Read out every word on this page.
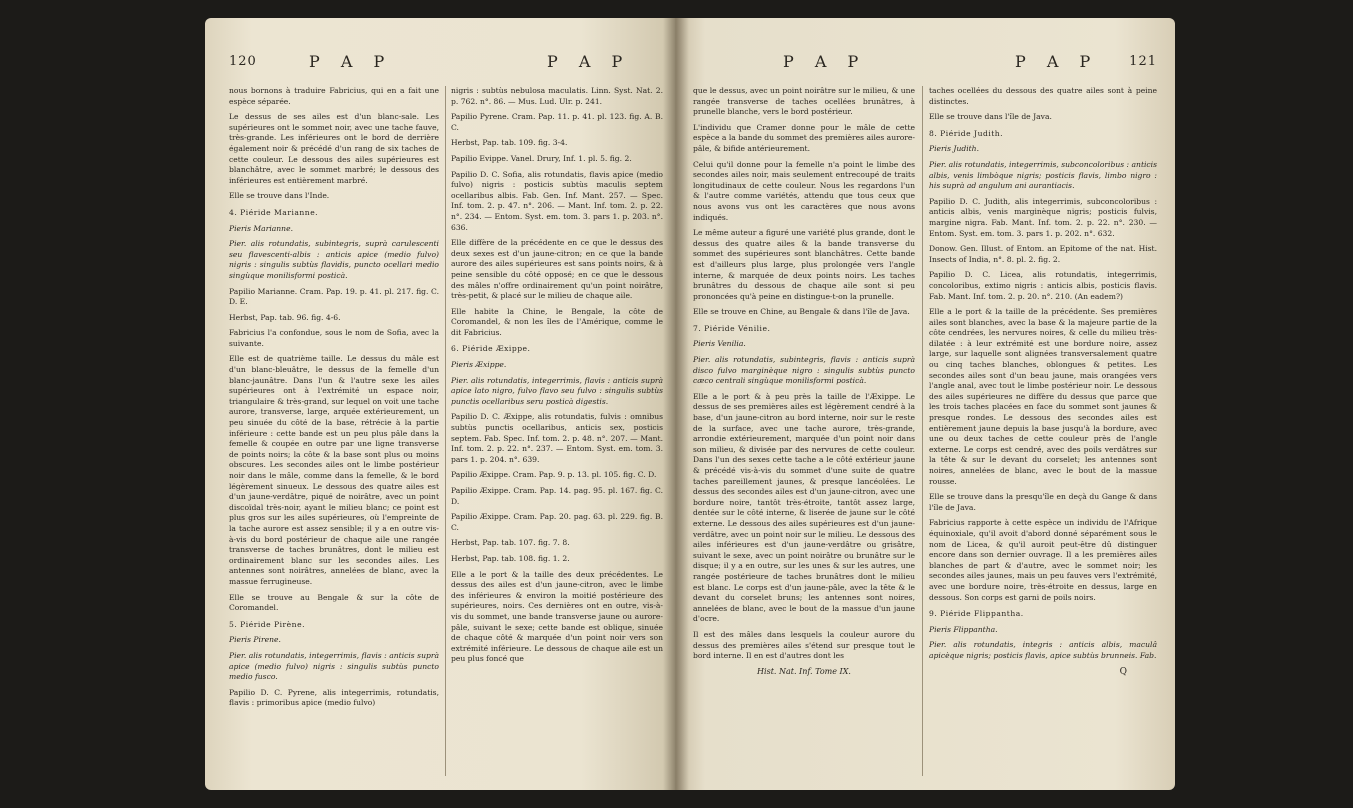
120	P A P	P A P

nous bornons à traduire Fabricius, qui en a fait une espèce séparée.

Le dessus de ses ailes est d'un blanc-sale. Les supérieures ont le sommet noir, avec une tache fauve, très-grande. Les inférieures ont le bord de derrière également noir & précédé d'un rang de six taches de cette couleur. Le dessous des ailes supérieures est blanchâtre, avec le sommet marbré; le dessous des inférieures est entièrement marbré.

Elle se trouve dans l'Inde.

4. Piéride Marianne.

Pieris Marianne.

Pier. alis rotundatis, subintegris, suprà carulescenti seu flavescenti-albis : anticis apice (medio fulvo) nigris : singulis subtùs flavidis, puncto ocellari medio singùque monilisformi posticà.

Papilio Marianne. Cram. Pap. 19. p. 41. pl. 217. fig. C. D. E.

Herbst, Pap. tab. 96. fig. 4-6.

Fabricius l'a confondue, sous le nom de Sofia, avec la suivante.

Elle est de quatrième taille. Le dessus du mâle est d'un blanc-bleuâtre, le dessus de la femelle d'un blanc-jaunâtre. Dans l'un & l'autre sexe les ailes supérieures ont à l'extrémité un espace noir, triangulaire & très-grand, sur lequel on voit une tache aurore, transverse, large, arquée extérieurement, un peu sinuée du côté de la base, rétrécie à la partie inférieure : cette bande est un peu plus pâle dans la femelle & coupée en outre par une ligne transverse de points noirs; la côte & la base sont plus ou moins obscures. Les secondes ailes ont le limbe postérieur noir dans le mâle, comme dans la femelle, & le bord légèrement sinueux. Le dessous des quatre ailes est d'un jaune-verdâtre, piqué de noirâtre, avec un point discoïdal très-noir, ayant le milieu blanc; ce point est plus gros sur les ailes supérieures, où l'empreinte de la tache aurore est assez sensible; il y a en outre vis-à-vis du bord postérieur de chaque aile une rangée transverse de taches brunâtres, dont le milieu est ordinairement blanc sur les secondes ailes. Les antennes sont noirâtres, annelées de blanc, avec la massue ferrugineuse.

Elle se trouve au Bengale & sur la côte de Coromandel.

5. Piéride Pirène.

Pieris Pirene.

Pier. alis rotundatis, integerrimis, flavis : anticis suprà apice (medio fulvo) nigris : singulis subtùs puncto medio fusco.

Papilio D. C. Pyrene, alis integerrimis, rotundatis, flavis : primoribus apice (medio fulvo)

nigris : subtùs nebulosa maculatis. Linn. Syst. Nat. 2. p. 762. n°. 86. — Mus. Lud. Ulr. p. 241.

Papilio Pyrene. Cram. Pap. 11. p. 41. pl. 123. fig. A. B. C.

Herbst, Pap. tab. 109. fig. 3-4.

Papilio Evippe. Vanel. Drury, Inf. 1. pl. 5. fig. 2.

Papilio D. C. Sofia, alis rotundatis, flavis apice (medio fulvo) nigris : posticis subtùs maculis septem ocellaribus albis. Fab. Gen. Inf. Mant. 257. — Spec. Inf. tom. 2. p. 47. n°. 206. — Mant. Inf. tom. 2. p. 22. n°. 234. — Entom. Syst. em. tom. 3. pars 1. p. 203. n°. 636.

Elle diffère de la précédente en ce que le dessus des deux sexes est d'un jaune-citron; en ce que la bande aurore des ailes supérieures est sans points noirs, & à peine sensible du côté opposé; en ce que le dessous des mâles n'offre ordinairement qu'un point noirâtre, très-petit, & placé sur le milieu de chaque aile.

Elle habite la Chine, le Bengale, la côte de Coromandel, & non les îles de l'Amérique, comme le dit Fabricius.

6. Piéride Æxippe.

Pieris Æxippe.

Pier. alis rotundatis, integerrimis, flavis : anticis suprà apice lato nigro, fulvo flavo seu fulvo : singulis subtùs punctis ocellaribus seru posticà digestis.

Papilio D. C. Æxippe, alis rotundatis, fulvis : omnibus subtùs punctis ocellaribus, anticis sex, posticis septem. Fab. Spec. Inf. tom. 2. p. 48. n°. 207. — Mant. Inf. tom. 2. p. 22. n°. 237. — Entom. Syst. em. tom. 3. pars 1. p. 204. n°. 639.

Papilio Æxippe. Cram. Pap. 9. p. 13. pl. 105. fig. C. D.

Papilio Æxippe. Cram. Pap. 14. pag. 95. pl. 167. fig. C. D.

Papilio Æxippe. Cram. Pap. 20. pag. 63. pl. 229. fig. B. C.

Herbst, Pap. tab. 107. fig. 7. 8.

Herbst, Pap. tab. 108. fig. 1. 2.

Elle a le port & la taille des deux précédentes. Le dessus des ailes est d'un jaune-citron, avec le limbe des inférieures & environ la moitié postérieure des supérieures, noirs. Ces dernières ont en outre, vis-à-vis du sommet, une bande transverse jaune ou aurore-pâle, suivant le sexe; cette bande est oblique, sinuée de chaque côté & marquée d'un point noir vers son extrémité inférieure. Le dessous de chaque aile est un peu plus foncé que

P A P	P A P 121

que le dessus, avec un point noirâtre sur le milieu, & une rangée transverse de taches ocellées brunâtres, à prunelle blanche, vers le bord postérieur.

L'individu que Cramer donne pour le mâle de cette espèce a la bande du sommet des premières ailes aurore-pâle, & bifide antérieurement.

Celui qu'il donne pour la femelle n'a point le limbe des secondes ailes noir, mais seulement entrecoupé de traits longitudinaux de cette couleur. Nous les regardons l'un & l'autre comme variétés, attendu que tous ceux que nous avons vus ont les caractères que nous avons indiqués.

Le même auteur a figuré une variété plus grande, dont le dessus des quatre ailes & la bande transverse du sommet des supérieures sont blanchâtres. Cette bande est d'ailleurs plus large, plus prolongée vers l'angle interne, & marquée de deux points noirs. Les taches brunâtres du dessous de chaque aile sont si peu prononcées qu'à peine en distingue-t-on la prunelle.

Elle se trouve en Chine, au Bengale & dans l'île de Java.

7. Piéride Vénilie.

Pieris Venilia.

Pier. alis rotundatis, subintegris, flavis : anticis suprà disco fulvo marginèque nigro : singulis subtùs puncto cæco centrali singùque monilisformi posticà.

Elle a le port & à peu près la taille de l'Æxippe. Le dessus de ses premières ailes est légèrement cendré à la base, d'un jaune-citron au bord interne, noir sur le reste de la surface, avec une tache aurore, très-grande, arrondie extérieurement, marquée d'un point noir dans son milieu, & divisée par des nervures de cette couleur. Dans l'un des sexes cette tache a le côté extérieur jaune & précédé vis-à-vis du sommet d'une suite de quatre taches pareillement jaunes, & presque lancéolées. Le dessus des secondes ailes est d'un jaune-citron, avec une bordure noire, tantôt très-étroite, tantôt assez large, dentée sur le côté interne, & liserée de jaune sur le côté externe. Le dessous des ailes supérieures est d'un jaune-verdâtre, avec un point noir sur le milieu. Le dessous des ailes inférieures est d'un jaune-verdâtre ou grisâtre, suivant le sexe, avec un point noirâtre ou brunâtre sur le disque; il y a en outre, sur les unes & sur les autres, une rangée postérieure de taches brunâtres dont le milieu est blanc. Le corps est d'un jaune-pâle, avec la tête & le devant du corselet bruns; les antennes sont noires, annelées de blanc, avec le bout de la massue d'un jaune d'ocre.

Il est des mâles dans lesquels la couleur aurore du dessus des premières ailes s'étend sur presque tout le bord interne. Il en est d'autres dont les

Hist. Nat. Inf. Tome IX.

taches ocellées du dessous des quatre ailes sont à peine distinctes.

Elle se trouve dans l'île de Java.

8. Piéride Judith.

Pieris Judith.

Pier. alis rotundatis, integerrimis, subconcoloribus : anticis albis, venis limbòque nigris; posticis flavis, limbo nigro : his suprà ad angulum ani aurantiacis.

Papilio D. C. Judith, alis integerrimis, subconcoloribus : anticis albis, venis marginèque nigris; posticis fulvis, margine nigra. Fab. Mant. Inf. tom. 2. p. 22. n°. 230. — Entom. Syst. em. tom. 3. pars 1. p. 202. n°. 632.

Donow. Gen. Illust. of Entom. an Epitome of the nat. Hist. Insects of India, n°. 8. pl. 2. fig. 2.

Papilio D. C. Licea, alis rotundatis, integerrimis, concoloribus, extimo nigris : anticis albis, posticis flavis. Fab. Mant. Inf. tom. 2. p. 20. n°. 210. (An eadem?)

Elle a le port & la taille de la précédente. Ses premières ailes sont blanches, avec la base & la majeure partie de la côte cendrées, les nervures noires, & celle du milieu très-dilatée : à leur extrémité est une bordure noire, assez large, sur laquelle sont alignées transversalement quatre ou cinq taches blanches, oblongues & petites. Les secondes ailes sont d'un beau jaune, mais orangées vers l'angle anal, avec tout le limbe postérieur noir. Le dessous des ailes supérieures ne diffère du dessus que parce que les trois taches placées en face du sommet sont jaunes & presque rondes. Le dessous des secondes ailes est entièrement jaune depuis la base jusqu'à la bordure, avec une ou deux taches de cette couleur près de l'angle externe. Le corps est cendré, avec des poils verdâtres sur la tête & sur le devant du corselet; les antennes sont noires, annelées de blanc, avec le bout de la massue rousse.

Elle se trouve dans la presqu'île en deçà du Gange & dans l'île de Java.

Fabricius rapporte à cette espèce un individu de l'Afrique équinoxiale, qu'il avoit d'abord donné séparément sous le nom de Licea, & qu'il auroit peut-être dû distinguer encore dans son dernier ouvrage. Il a les premières ailes blanches de part & d'autre, avec le sommet noir; les secondes ailes jaunes, mais un peu fauves vers l'extrémité, avec une bordure noire, très-étroite en dessus, large en dessous. Son corps est garni de poils noirs.

9. Piéride Flippantha.

Pieris Flippantha.

Pier. alis rotundatis, integris : anticis albis, maculâ apicèque nigris; posticis flavis, apice subtùs brunneis. Fab.

Q
